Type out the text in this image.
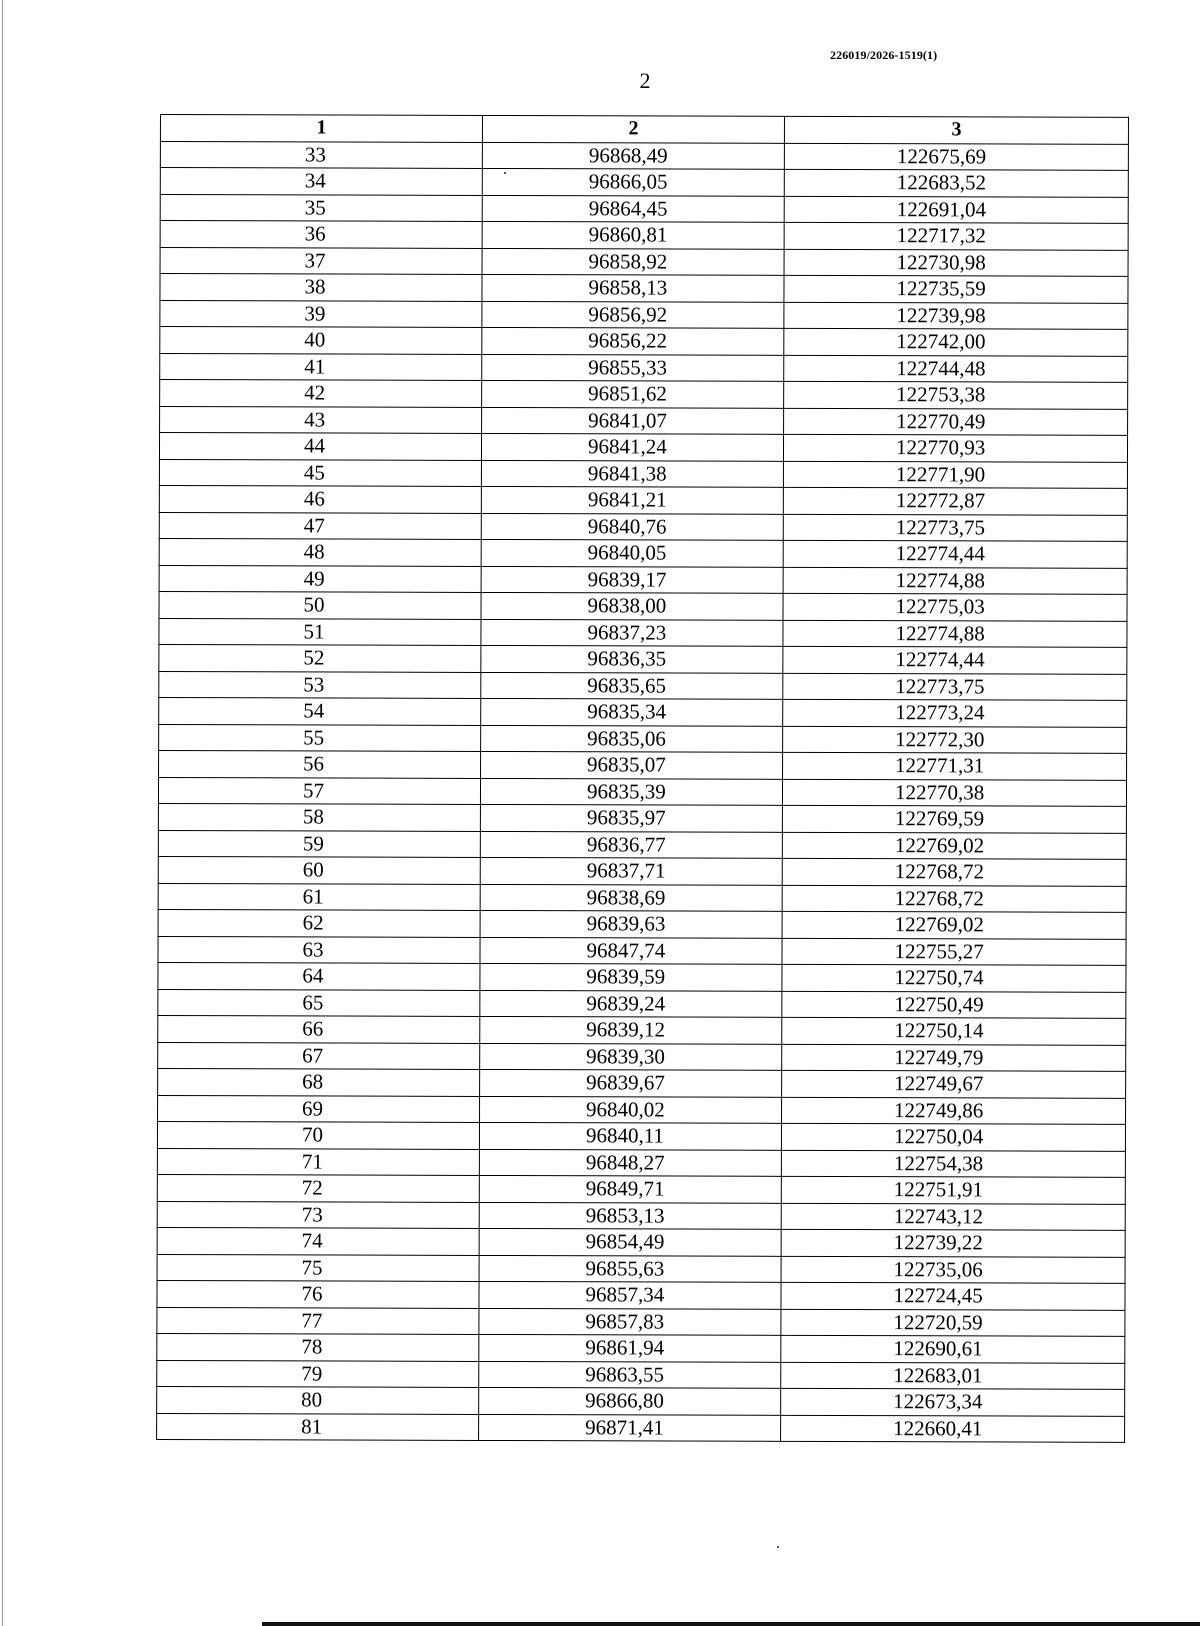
226019/2026-1519(1)
2
1	2	3
33	96868,49	122675,69
34	96866,05	122683,52
35	96864,45	122691,04
36	96860,81	122717,32
37	96858,92	122730,98
38	96858,13	122735,59
39	96856,92	122739,98
40	96856,22	122742,00
41	96855,33	122744,48
42	96851,62	122753,38
43	96841,07	122770,49
44	96841,24	122770,93
45	96841,38	122771,90
46	96841,21	122772,87
47	96840,76	122773,75
48	96840,05	122774,44
49	96839,17	122774,88
50	96838,00	122775,03
51	96837,23	122774,88
52	96836,35	122774,44
53	96835,65	122773,75
54	96835,34	122773,24
55	96835,06	122772,30
56	96835,07	122771,31
57	96835,39	122770,38
58	96835,97	122769,59
59	96836,77	122769,02
60	96837,71	122768,72
61	96838,69	122768,72
62	96839,63	122769,02
63	96847,74	122755,27
64	96839,59	122750,74
65	96839,24	122750,49
66	96839,12	122750,14
67	96839,30	122749,79
68	96839,67	122749,67
69	96840,02	122749,86
70	96840,11	122750,04
71	96848,27	122754,38
72	96849,71	122751,91
73	96853,13	122743,12
74	96854,49	122739,22
75	96855,63	122735,06
76	96857,34	122724,45
77	96857,83	122720,59
78	96861,94	122690,61
79	96863,55	122683,01
80	96866,80	122673,34
81	96871,41	122660,41
